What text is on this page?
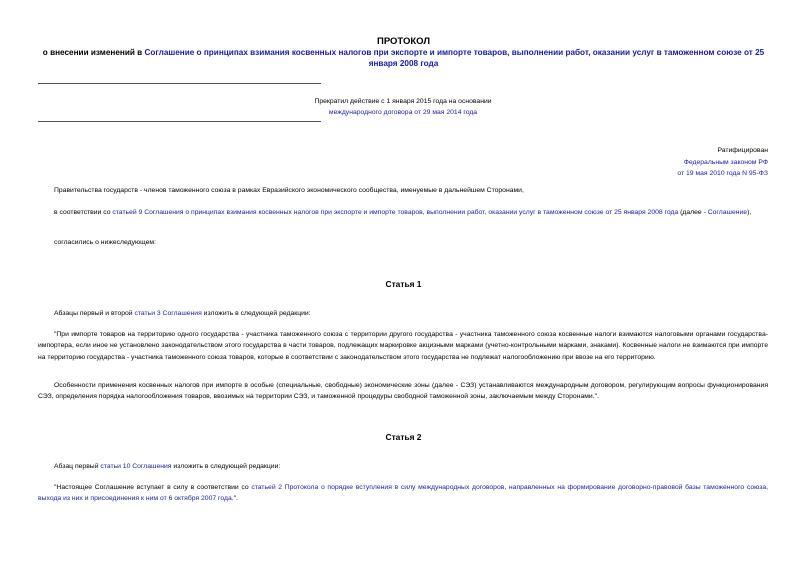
ПРОТОКОЛ
о внесении изменений в Соглашение о принципах взимания косвенных налогов при экспорте и импорте товаров, выполнении работ, оказании услуг в таможенном союзе от 25 января 2008 года
Прекратил действие с 1 января 2015 года на основании
международного договора от 29 мая 2014 года
Ратифицирован
Федеральным законом РФ
от 19 мая 2010 года N 95-ФЗ
Правительства государств - членов таможенного союза в рамках Евразийского экономического сообщества, именуемые в дальнейшем Сторонами,
в соответствии со статьей 9 Соглашения о принципах взимания косвенных налогов при экспорте и импорте товаров, выполнении работ, оказании услуг в таможенном союзе от 25 января 2008 года (далее - Соглашение),
согласились о нижеследующем:
Статья 1
Абзацы первый и второй статьи 3 Соглашения изложить в следующей редакции:
"При импорте товаров на территорию одного государства - участника таможенного союза с территории другого государства - участника таможенного союза косвенные налоги взимаются налоговыми органами государства-импортера, если иное не установлено законодательством этого государства в части товаров, подлежащих маркировке акцизными марками (учетно-контрольными марками, знаками). Косвенные налоги не взимаются при импорте на территорию государства - участника таможенного союза товаров, которые в соответствии с законодательством этого государства не подлежат налогообложению при ввозе на его территорию.
Особенности применения косвенных налогов при импорте в особые (специальные, свободные) экономические зоны (далее - СЭЗ) устанавливаются международным договором, регулирующим вопросы функционирования СЭЗ, определения порядка налогообложения товаров, ввозимых на территории СЭЗ, и таможенной процедуры свободной таможенной зоны, заключаемым между Сторонами.".
Статья 2
Абзац первый статьи 10 Соглашения изложить в следующей редакции:
"Настоящее Соглашение вступает в силу в соответствии со статьей 2 Протокола о порядке вступления в силу международных договоров, направленных на формирование договорно-правовой базы таможенного союза, выхода из них и присоединения к ним от 6 октября 2007 года.".
